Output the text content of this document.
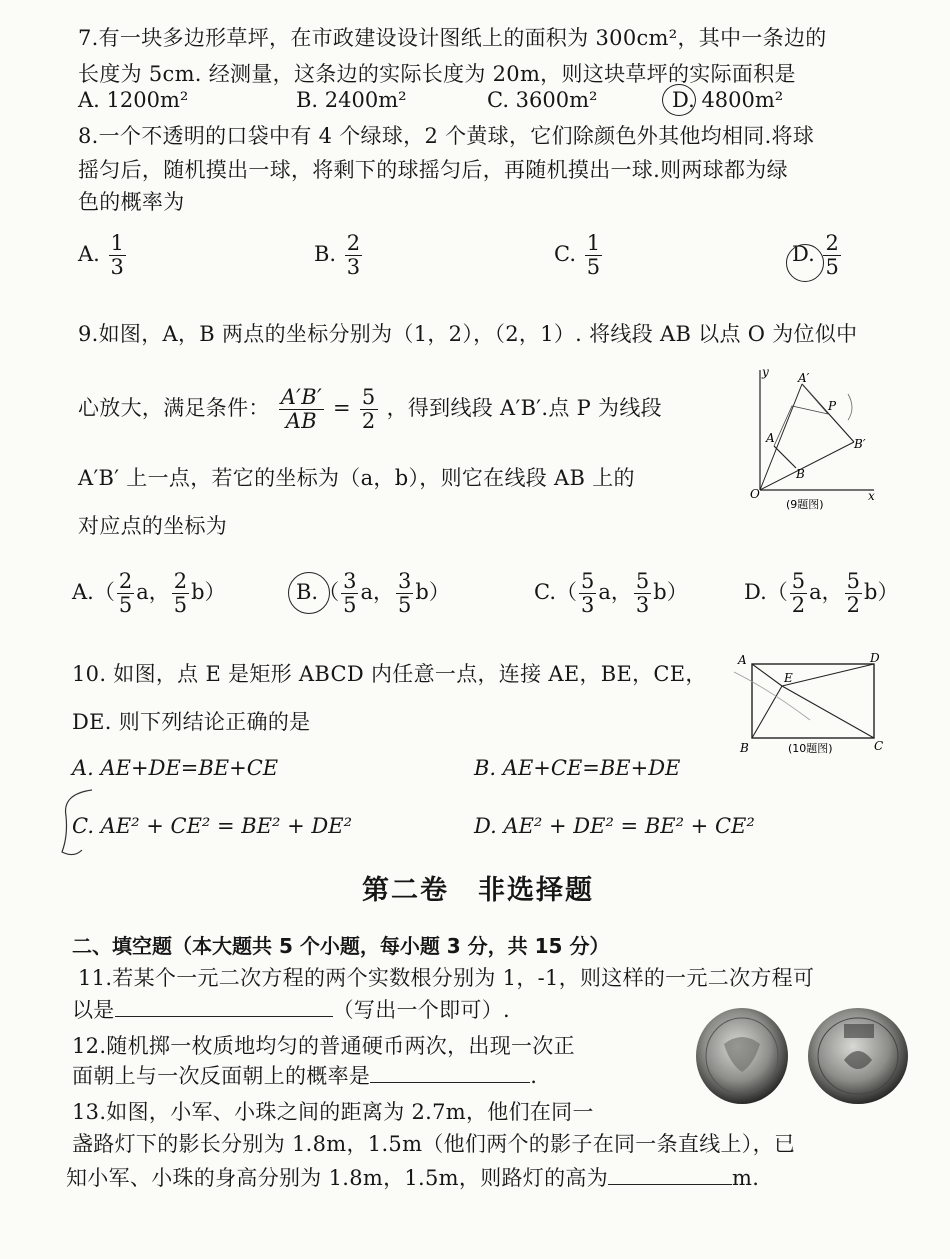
7.有一块多边形草坪，在市政建设设计图纸上的面积为 300cm²，其中一条边的
长度为 5cm. 经测量，这条边的实际长度为 20m，则这块草坪的实际面积是
A. 1200m²	B. 2400m²	C. 3600m²	D. 4800m²
8.一个不透明的口袋中有 4 个绿球，2 个黄球，它们除颜色外其他均相同.将球
摇匀后，随机摸出一球，将剩下的球摇匀后，再随机摸出一球.则两球都为绿
色的概率为
A. $\frac{1}{3}$	B. $\frac{2}{3}$	C. $\frac{1}{5}$	D. $\frac{2}{5}$
9.如图，A，B 两点的坐标分别为（1，2），（2，1）. 将线段 AB 以点 O 为位似中
心放大，满足条件： $\frac{A'B'}{AB} = \frac{5}{2}$ ，得到线段 A′B′.点 P 为线段
A′B′ 上一点，若它的坐标为（a，b），则它在线段 AB 上的
对应点的坐标为
y
x
O
A
B
A′
B′
P
(9题图)
$A.( \frac{2}{5}$ a， $\frac{2}{5} b$）	$B.( \frac{3}{5}$ a， $\frac{3}{5} b$）	$C.( \frac{5}{3}$ a， $\frac{5}{3} b$）	$D.( \frac{5}{2}$ a， $\frac{5}{2} b$）
10. 如图，点 E 是矩形 ABCD 内任意一点，连接 AE，BE，CE，
DE. 则下列结论正确的是
A	D
E
B	C
(10题图)
A. AE+DE=BE+CE	B. AE+CE=BE+DE
C. AE² + CE² = BE² + DE²	D. AE² + DE² = BE² + CE²
第二卷　非选择题
二、填空题（本大题共 5 个小题，每小题 3 分，共 15 分）
11.若某个一元二次方程的两个实数根分别为 1，-1，则这样的一元二次方程可
以是	（写出一个即可）.
12.随机掷一枚质地均匀的普通硬币两次，出现一次正
面朝上与一次反面朝上的概率是	.
13.如图，小军、小珠之间的距离为 2.7m，他们在同一
盏路灯下的影长分别为 1.8m，1.5m（他们两个的影子在同一条直线上），已
知小军、小珠的身高分别为 1.8m，1.5m，则路灯的高为	m.
